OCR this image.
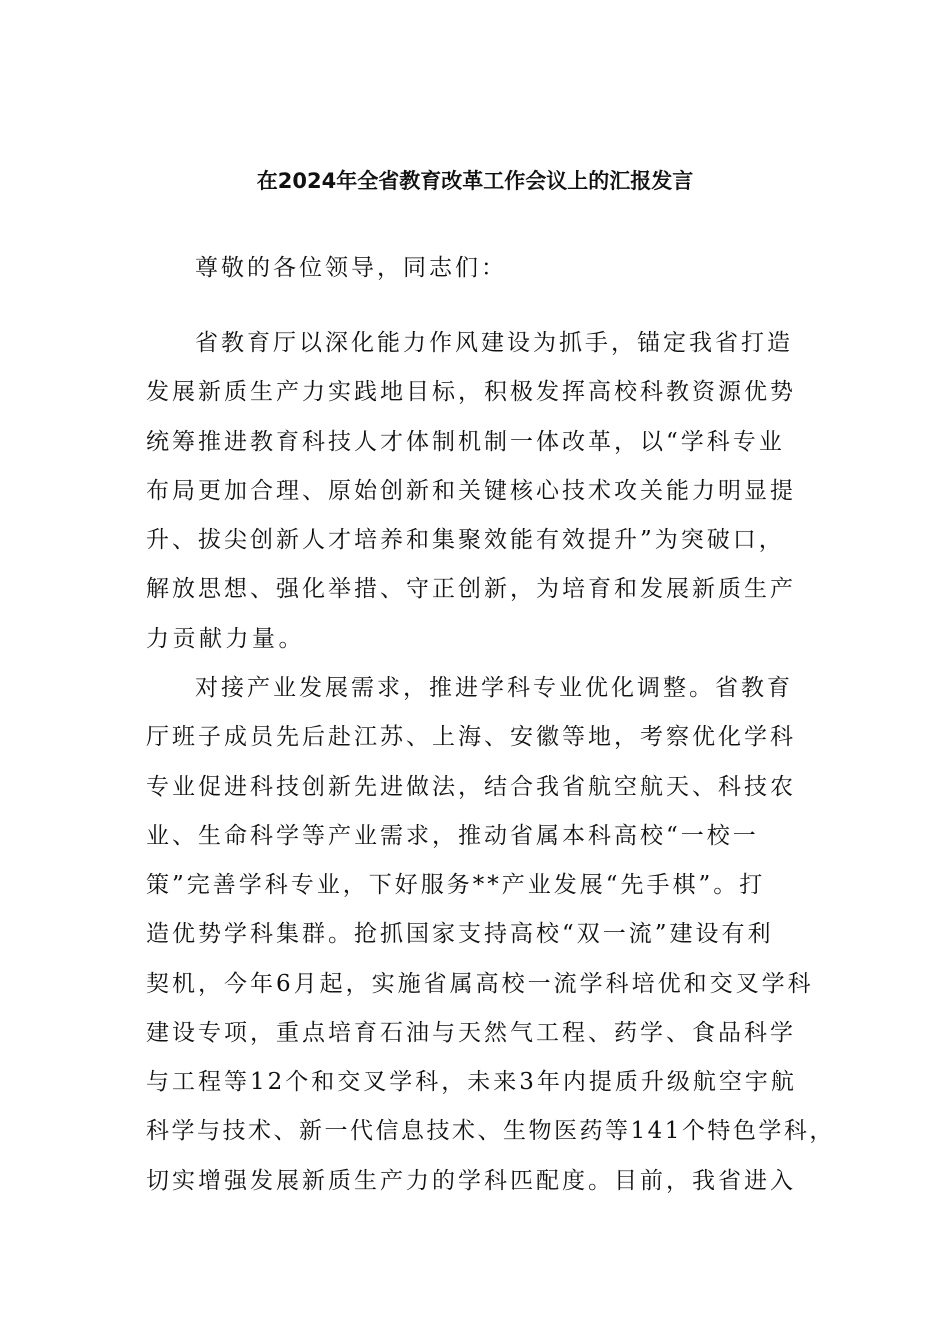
在2024年全省教育改革工作会议上的汇报发言
尊敬的各位领导，同志们：
省教育厅以深化能力作风建设为抓手，锚定我省打造
发展新质生产力实践地目标，积极发挥高校科教资源优势
统筹推进教育科技人才体制机制一体改革，以“学科专业
布局更加合理、原始创新和关键核心技术攻关能力明显提
升、拔尖创新人才培养和集聚效能有效提升”为突破口，
解放思想、强化举措、守正创新，为培育和发展新质生产
力贡献力量。
对接产业发展需求，推进学科专业优化调整。省教育
厅班子成员先后赴江苏、上海、安徽等地，考察优化学科
专业促进科技创新先进做法，结合我省航空航天、科技农
业、生命科学等产业需求，推动省属本科高校“一校一
策”完善学科专业，下好服务**产业发展“先手棋”。打
造优势学科集群。抢抓国家支持高校“双一流”建设有利
契机，今年6月起，实施省属高校一流学科培优和交叉学科
建设专项，重点培育石油与天然气工程、药学、食品科学
与工程等12个和交叉学科，未来3年内提质升级航空宇航
科学与技术、新一代信息技术、生物医药等141个特色学科，
切实增强发展新质生产力的学科匹配度。目前，我省进入
